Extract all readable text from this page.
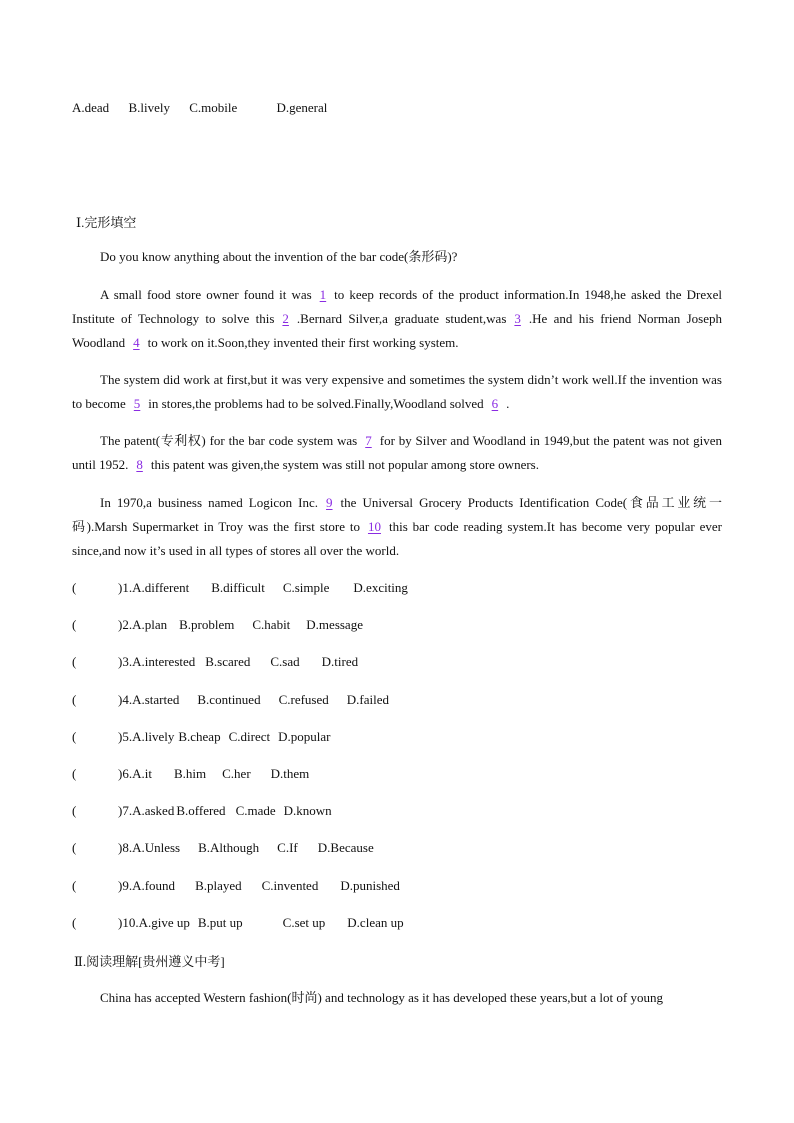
A.dead B.lively C.mobile	D.general
Ⅰ.完形填空
Do you know anything about the invention of the bar code(条形码)?
A small food store owner found it was 1 to keep records of the product information.In 1948,he asked the Drexel Institute of Technology to solve this 2 .Bernard Silver,a graduate student,was 3 .He and his friend Norman Joseph Woodland 4 to work on it.Soon,they invented their first working system.
The system did work at first,but it was very expensive and sometimes the system didn’t work well.If the invention was to become 5 in stores,the problems had to be solved.Finally,Woodland solved 6 .
The patent(专利权) for the bar code system was 7 for by Silver and Woodland in 1949,but the patent was not given until 1952. 8 this patent was given,the system was still not popular among store owners.
In 1970,a business named Logicon Inc. 9 the Universal Grocery Products Identification Code(食品工业统一码).Marsh Supermarket in Troy was the first store to 10 this bar code reading system.It has become very popular ever since,and now it’s used in all types of stores all over the world.
(	)1.A.different B.difficult C.simple D.exciting
(	)2.A.plan B.problem C.habit D.message
(	)3.A.interested B.scared C.sad D.tired
(	)4.A.started B.continued C.refused D.failed
(	)5.A.lively B.cheap C.direct D.popular
(	)6.A.it B.him C.her D.them
(	)7.A.asked B.offered C.made D.known
(	)8.A.Unless B.Although C.If D.Because
(	)9.A.found B.played C.invented D.punished
(	)10.A.give up B.put up	C.set up D.clean up
Ⅱ.阅读理解[贵州遵义中考]
China has accepted Western fashion(时尚) and technology as it has developed these years,but a lot of young
